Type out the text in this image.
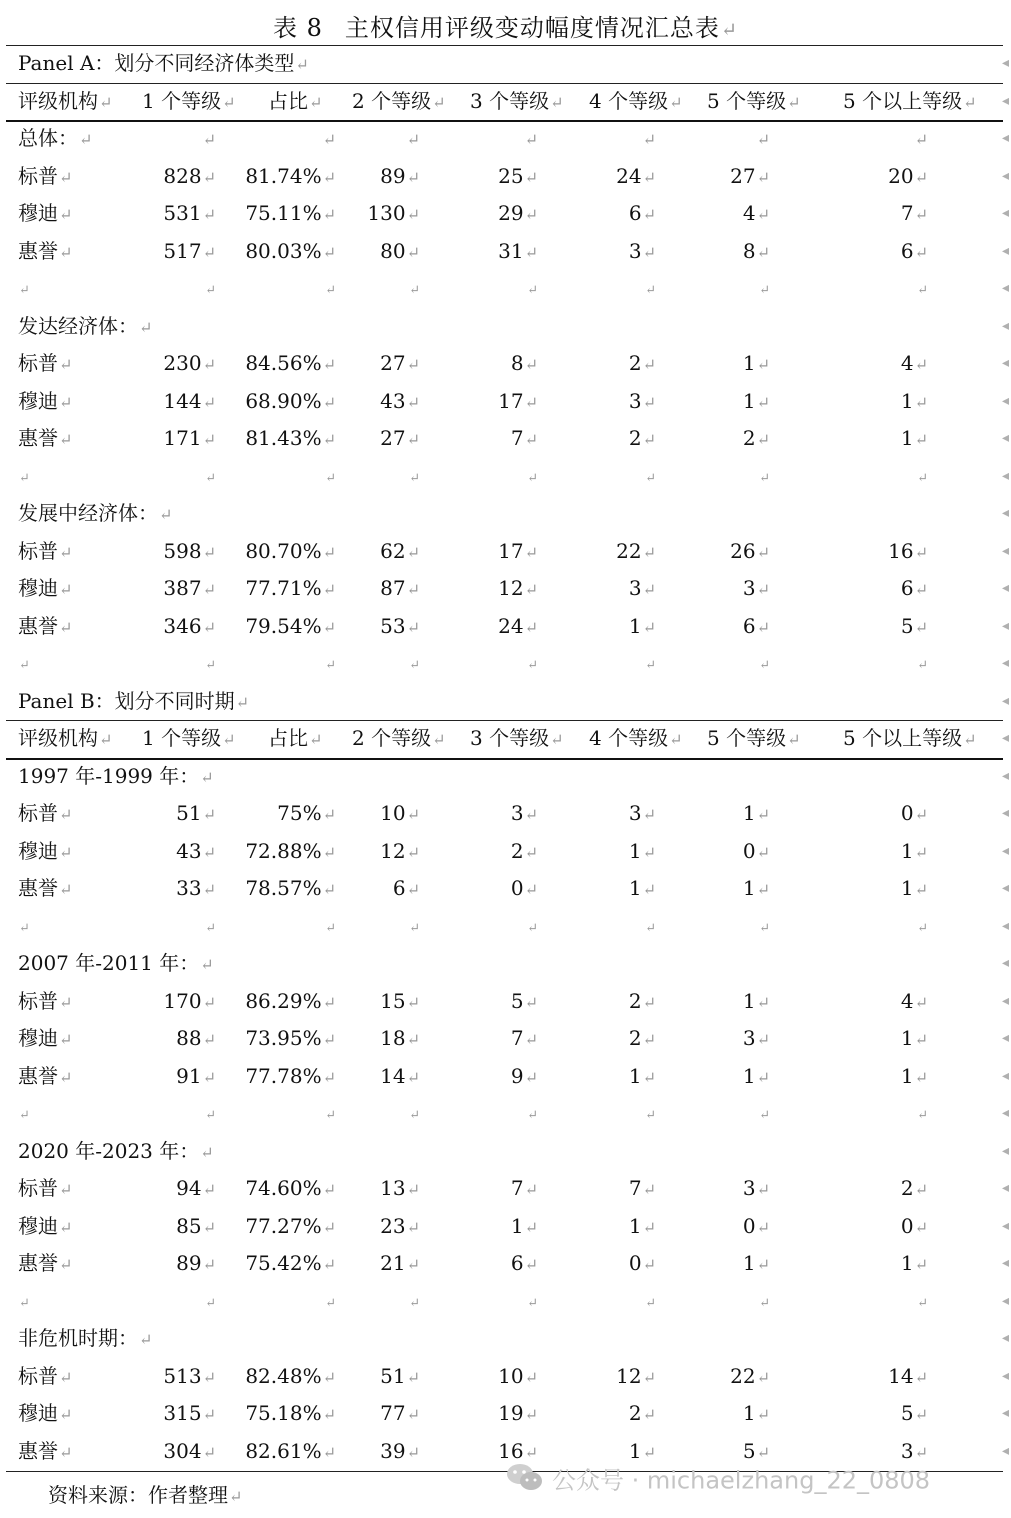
表 8 主权信用评级变动幅度情况汇总表↵
Panel A：划分不同经济体类型↵	◂
评级机构↵ 1 个等级↵ 占比↵ 2 个等级↵ 3 个等级↵ 4 个等级↵ 5 个等级↵ 5 个以上等级↵ ◂
总体：↵	↵	↵	↵	↵	↵	↵	↵	◂
标普↵	828↵	81.74%↵	89↵	25↵	24↵	27↵	20↵	◂
穆迪↵	531↵	75.11%↵	130↵	29↵	6↵	4↵	7↵	◂
惠誉↵	517↵	80.03%↵	80↵	31↵	3↵	8↵	6↵	◂
↵	↵	↵	↵	↵	↵	↵	↵	◂
发达经济体：↵	◂
标普↵	230↵	84.56%↵	27↵	8↵	2↵	1↵	4↵	◂
穆迪↵	144↵	68.90%↵	43↵	17↵	3↵	1↵	1↵	◂
惠誉↵	171↵	81.43%↵	27↵	7↵	2↵	2↵	1↵	◂
↵	↵	↵	↵	↵	↵	↵	↵	◂
发展中经济体：↵	◂
标普↵	598↵	80.70%↵	62↵	17↵	22↵	26↵	16↵	◂
穆迪↵	387↵	77.71%↵	87↵	12↵	3↵	3↵	6↵	◂
惠誉↵	346↵	79.54%↵	53↵	24↵	1↵	6↵	5↵	◂
↵	↵	↵	↵	↵	↵	↵	↵	◂
Panel B：划分不同时期↵	◂
评级机构↵ 1 个等级↵ 占比↵ 2 个等级↵ 3 个等级↵ 4 个等级↵ 5 个等级↵ 5 个以上等级↵ ◂
1997 年-1999 年：↵	◂
标普↵	51↵	75%↵	10↵	3↵	3↵	1↵	0↵	◂
穆迪↵	43↵	72.88%↵	12↵	2↵	1↵	0↵	1↵	◂
惠誉↵	33↵	78.57%↵	6↵	0↵	1↵	1↵	1↵	◂
↵	↵	↵	↵	↵	↵	↵	↵	◂
2007 年-2011 年：↵	◂
标普↵	170↵	86.29%↵	15↵	5↵	2↵	1↵	4↵	◂
穆迪↵	88↵	73.95%↵	18↵	7↵	2↵	3↵	1↵	◂
惠誉↵	91↵	77.78%↵	14↵	9↵	1↵	1↵	1↵	◂
↵	↵	↵	↵	↵	↵	↵	↵	◂
2020 年-2023 年：↵	◂
标普↵	94↵	74.60%↵	13↵	7↵	7↵	3↵	2↵	◂
穆迪↵	85↵	77.27%↵	23↵	1↵	1↵	0↵	0↵	◂
惠誉↵	89↵	75.42%↵	21↵	6↵	0↵	1↵	1↵	◂
↵	↵	↵	↵	↵	↵	↵	↵	◂
非危机时期：↵	◂
标普↵	513↵	82.48%↵	51↵	10↵	12↵	22↵	14↵	◂
穆迪↵	315↵	75.18%↵	77↵	19↵	2↵	1↵	5↵	◂
惠誉↵	304↵	82.61%↵	39↵	16↵	1↵	5↵	3↵	◂
资料来源：作者整理↵
公众号 · michaelzhang_22_0808
